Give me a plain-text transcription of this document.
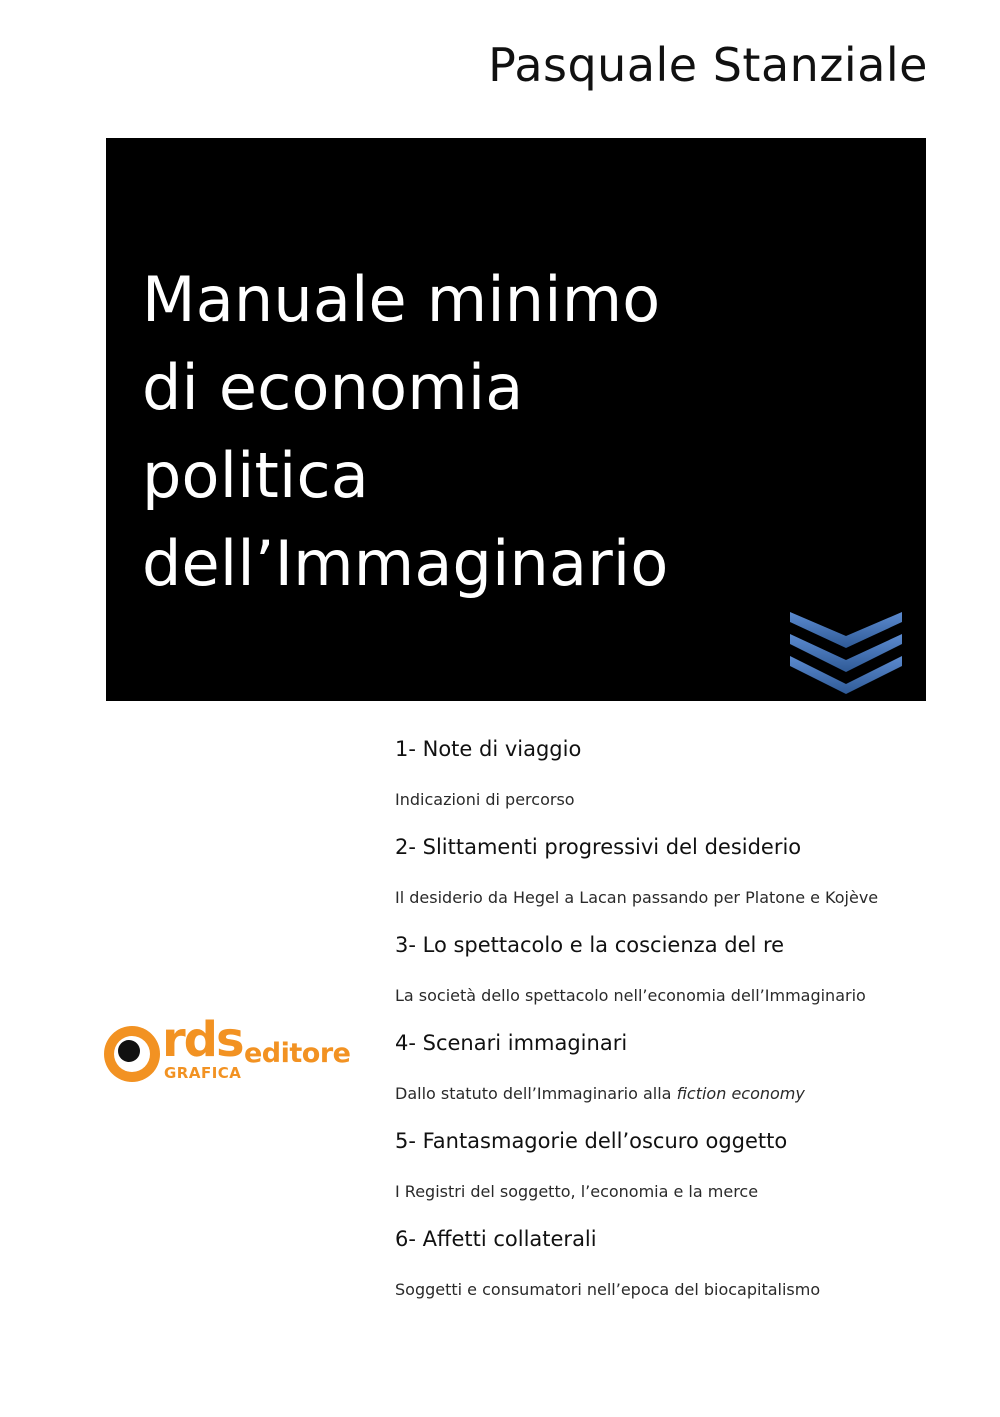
Pasquale Stanziale
Manuale minimo
di economia
politica
dell’Immaginario
rds
GRAFICA
editore
1- Note di viaggio
Indicazioni di percorso
2- Slittamenti progressivi del desiderio
Il desiderio da Hegel a Lacan passando per Platone e Kojève
3- Lo spettacolo e la coscienza del re
La società dello spettacolo nell’economia dell’Immaginario
4- Scenari immaginari
Dallo statuto dell’Immaginario alla fiction economy
5- Fantasmagorie dell’oscuro oggetto
I Registri del soggetto, l’economia e la merce
6- Affetti collaterali
Soggetti e consumatori nell’epoca del biocapitalismo
